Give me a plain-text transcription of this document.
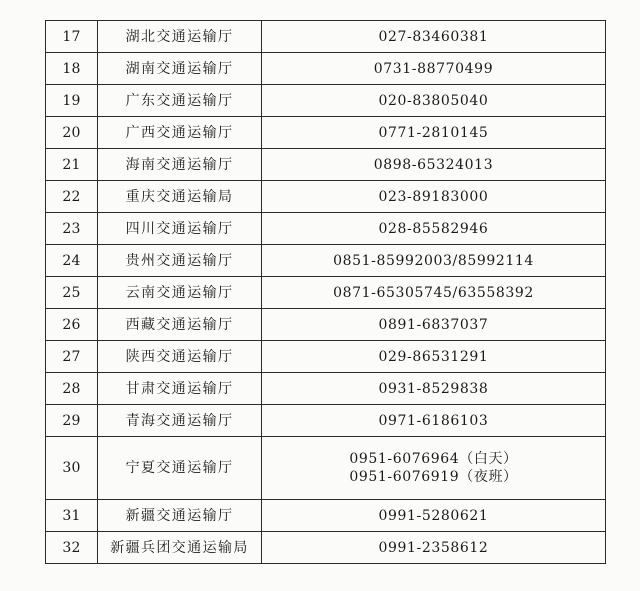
17	湖北交通运输厅	027-83460381

18	湖南交通运输厅	0731-88770499

19	广东交通运输厅	020-83805040

20	广西交通运输厅	0771-2810145

21	海南交通运输厅	0898-65324013

22	重庆交通运输局	023-89183000

23	四川交通运输厅	028-85582946

24	贵州交通运输厅	0851-85992003/85992114

25	云南交通运输厅	0871-65305745/63558392

26	西藏交通运输厅	0891-6837037

27	陕西交通运输厅	029-86531291

28	甘肃交通运输厅	0931-8529838

29	青海交通运输厅	0971-6186103

30	宁夏交通运输厅	0951-6076964（白天）
0951-6076919（夜班）

31	新疆交通运输厅	0991-5280621

32	新疆兵团交通运输局	0991-2358612
